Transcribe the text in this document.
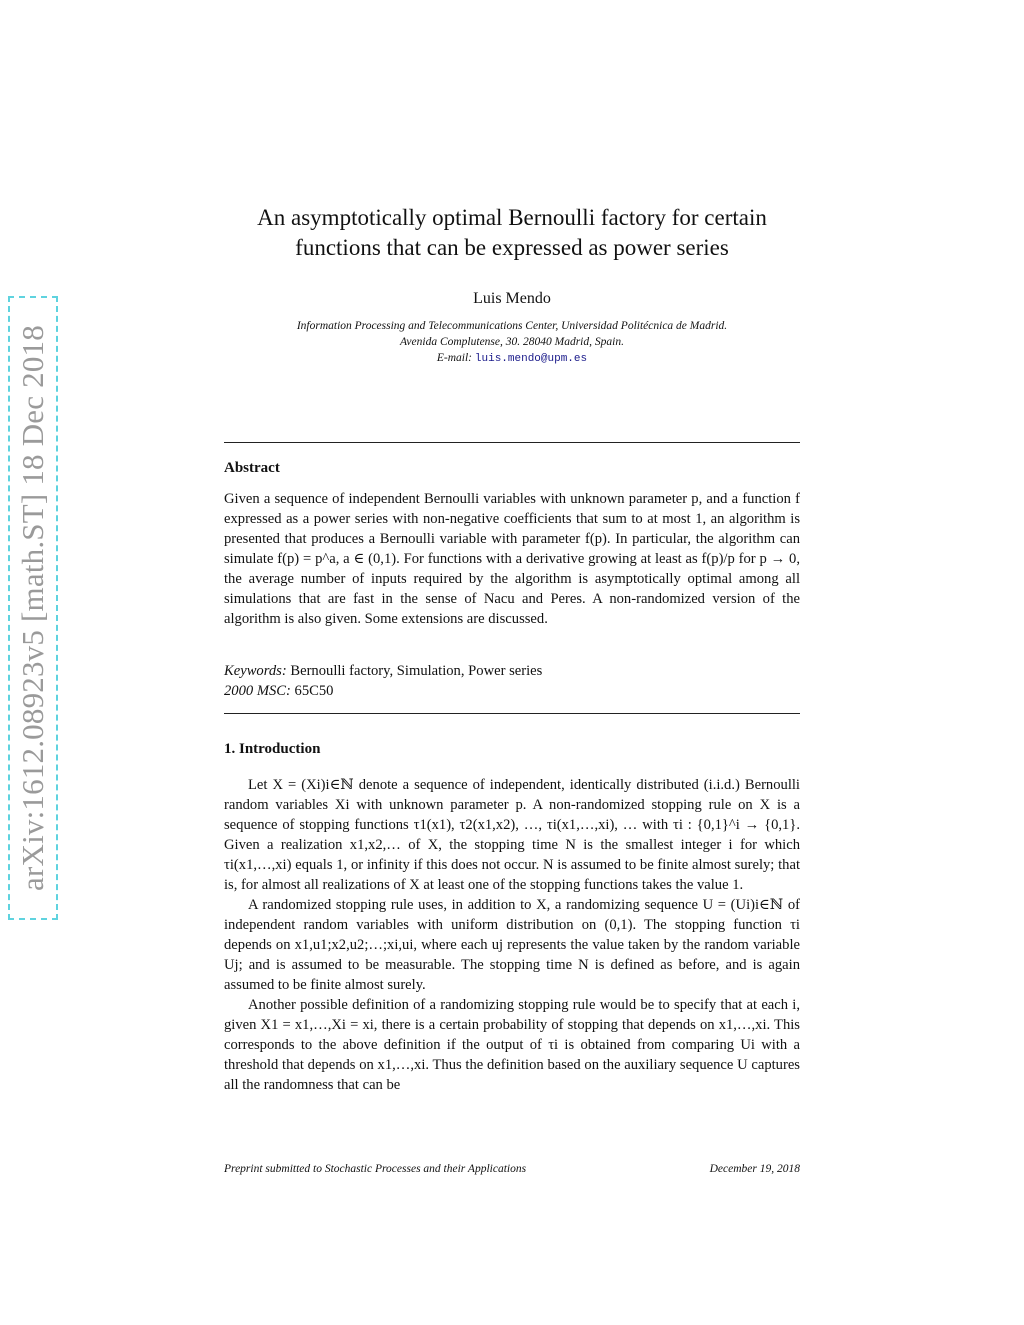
arXiv:1612.08923v5 [math.ST] 18 Dec 2018
An asymptotically optimal Bernoulli factory for certain
functions that can be expressed as power series
Luis Mendo
Information Processing and Telecommunications Center, Universidad Politécnica de Madrid.
Avenida Complutense, 30. 28040 Madrid, Spain.
E-mail: luis.mendo@upm.es
Abstract
Given a sequence of independent Bernoulli variables with unknown parameter p, and a function f expressed as a power series with non-negative coefficients that sum to at most 1, an algorithm is presented that produces a Bernoulli variable with parameter f(p). In particular, the algorithm can simulate f(p) = p^a, a ∈ (0,1). For functions with a derivative growing at least as f(p)/p for p → 0, the average number of inputs required by the algorithm is asymptotically optimal among all simulations that are fast in the sense of Nacu and Peres. A non-randomized version of the algorithm is also given. Some extensions are discussed.
Keywords: Bernoulli factory, Simulation, Power series
2000 MSC: 65C50
1. Introduction

Let X = (Xi)i∈ℕ denote a sequence of independent, identically distributed (i.i.d.) Bernoulli random variables Xi with unknown parameter p. A non-randomized stopping rule on X is a sequence of stopping functions τ1(x1), τ2(x1,x2), …, τi(x1,…,xi), … with τi : {0,1}^i → {0,1}. Given a realization x1,x2,… of X, the stopping time N is the smallest integer i for which τi(x1,…,xi) equals 1, or infinity if this does not occur. N is assumed to be finite almost surely; that is, for almost all realizations of X at least one of the stopping functions takes the value 1.

A randomized stopping rule uses, in addition to X, a randomizing sequence U = (Ui)i∈ℕ of independent random variables with uniform distribution on (0,1). The stopping function τi depends on x1,u1;x2,u2;…;xi,ui, where each uj represents the value taken by the random variable Uj; and is assumed to be measurable. The stopping time N is defined as before, and is again assumed to be finite almost surely.

Another possible definition of a randomizing stopping rule would be to specify that at each i, given X1 = x1,…,Xi = xi, there is a certain probability of stopping that depends on x1,…,xi. This corresponds to the above definition if the output of τi is obtained from comparing Ui with a threshold that depends on x1,…,xi. Thus the definition based on the auxiliary sequence U captures all the randomness that can be

Preprint submitted to Stochastic Processes and their Applications	December 19, 2018
